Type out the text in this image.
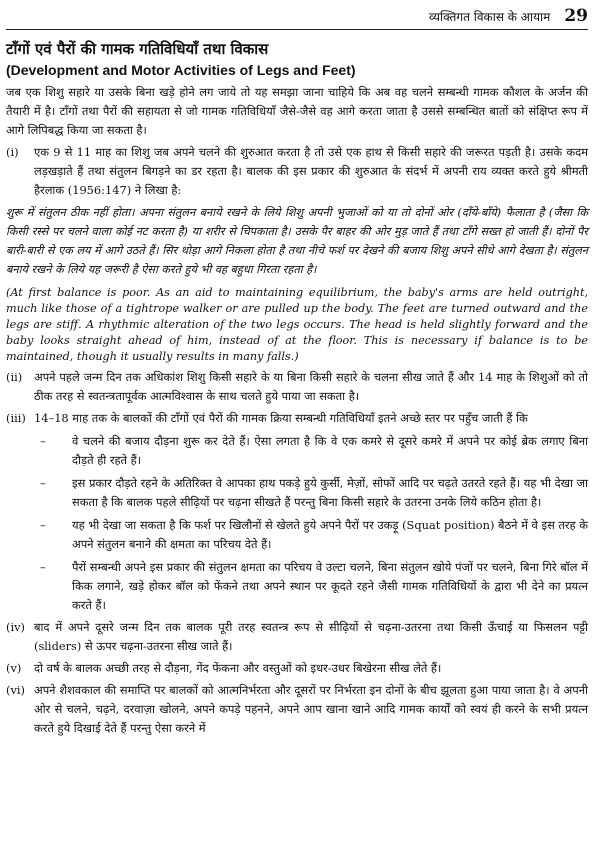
व्यक्तिगत विकास के आयाम 29
टाँगों एवं पैरों की गामक गतिविधियाँ तथा विकास
(Development and Motor Activities of Legs and Feet)

जब एक शिशु सहारे या उसके बिना खड़े होने लग जाये तो यह समझा जाना चाहिये कि अब वह चलने सम्बन्धी गामक कौशल के अर्जन की तैयारी में है। टाँगों तथा पैरों की सहायता से जो गामक गतिविधियाँ जैसे-जैसे वह आगे करता जाता है उससे सम्बन्धित बातों को संक्षिप्त रूप में आगे लिपिबद्ध किया जा सकता है।

(i)	एक 9 से 11 माह का शिशु जब अपने चलने की शुरुआत करता है तो उसे एक हाथ से किसी सहारे की जरूरत पड़ती है। उसके कदम लड़खड़ाते हैं तथा संतुलन बिगड़ने का डर रहता है। बालक की इस प्रकार की शुरुआत के संदर्भ में अपनी राय व्यक्त करते हुये श्रीमती हैरलाक (1956:147) ने लिखा है:

शुरू में संतुलन ठीक नहीं होता। अपना संतुलन बनाये रखने के लिये शिशु अपनी भुजाओं को या तो दोनों ओर (दाँये-बाँये) फैलाता है (जैसा कि किसी रस्से पर चलने वाला कोई नट करता है) या शरीर से चिपकाता है। उसके पैर बाहर की ओर मुड़ जाते हैं तथा टाँगे सख्त हो जाती हैं। दोनों पैर बारी-बारी से एक लय में आगे उठते हैं। सिर थोड़ा आगे निकला होता है तथा नीचे फर्श पर देखने की बजाय शिशु अपने सीधे आगे देखता है। संतुलन बनाये रखने के लिये यह जरूरी है ऐसा करते हुये भी वह बहुधा गिरता रहता है।

(At first balance is poor. As an aid to maintaining equilibrium, the baby's arms are held outright, much like those of a tightrope walker or are pulled up the body. The feet are turned outward and the legs are stiff. A rhythmic alteration of the two legs occurs. The head is held slightly forward and the baby looks straight ahead of him, instead of at the floor. This is necessary if balance is to be maintained, though it usually results in many falls.)

(ii)	अपने पहले जन्म दिन तक अधिकांश शिशु किसी सहारे के या बिना किसी सहारे के चलना सीख जाते हैं और 14 माह के शिशुओं को तो ठीक तरह से स्वतन्त्रतापूर्वक आत्मविश्वास के साथ चलते हुये पाया जा सकता है।
(iii) 14–18 माह तक के बालकों की टाँगों एवं पैरों की गामक क्रिया सम्बन्धी गतिविधियाँ इतने अच्छे स्तर पर पहुँच जाती हैं कि
–	वे चलने की बजाय दौड़ना शुरू कर देते हैं। ऐसा लगता है कि वे एक कमरे से दूसरे कमरे में अपने पर कोई ब्रेक लगाए बिना दौड़ते ही रहते हैं।
–	इस प्रकार दौड़ते रहने के अतिरिक्त वे आपका हाथ पकड़े हुये कुर्सी, मेज़ों, सोफों आदि पर चढ़ते उतरते रहते हैं। यह भी देखा जा सकता है कि बालक पहले सीढ़ियों पर चढ़ना सीखते हैं परन्तु बिना किसी सहारे के उतरना उनके लिये कठिन होता है।
–	यह भी देखा जा सकता है कि फर्श पर खिलौनों से खेलते हुये अपने पैरों पर उकड़ू (Squat position) बैठने में वे इस तरह के अपने संतुलन बनाने की क्षमता का परिचय देते हैं।
–	पैरों सम्बन्धी अपने इस प्रकार की संतुलन क्षमता का परिचय वे उल्टा चलने, बिना संतुलन खोये पंजों पर चलने, बिना गिरे बॉल में किक लगाने, खड़े होकर बॉल को फेंकने तथा अपने स्थान पर कूदते रहने जैसी गामक गतिविधियों के द्वारा भी देने का प्रयत्न करते हैं।
(iv) बाद में अपने दूसरे जन्म दिन तक बालक पूरी तरह स्वतन्त्र रूप से सीढ़ियों से चढ़ना-उतरना तथा किसी ऊँचाई या फिसलन पट्टी (sliders) से ऊपर चढ़ना-उतरना सीख जाते हैं।
(v)	दो वर्ष के बालक अच्छी तरह से दौड़ना, गेंद फेंकना और वस्तुओं को इधर-उधर बिखेरना सीख लेते हैं।
(vi) अपने शैशवकाल की समाप्ति पर बालकों को आत्मनिर्भरता और दूसरों पर निर्भरता इन दोनों के बीच झूलता हुआ पाया जाता है। वे अपनी ओर से चलने, चढ़ने, दरवाज़ा खोलने, अपने कपड़े पहनने, अपने आप खाना खाने आदि गामक कार्यों को स्वयं ही करने के सभी प्रयत्न करते हुये दिखाई देते हैं परन्तु ऐसा करने में
